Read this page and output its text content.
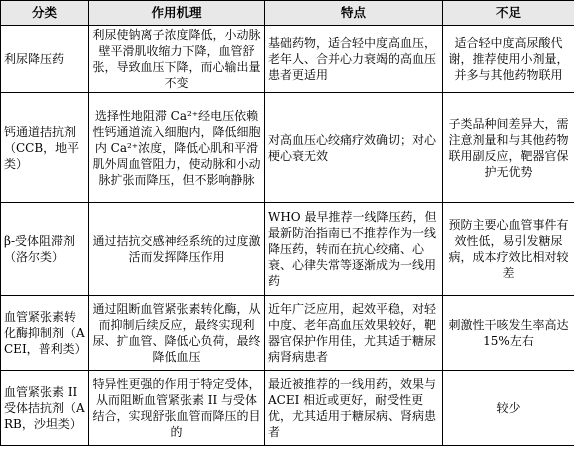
分类	作用机理	特点	不足
利尿降压药	利尿使钠离子浓度降低，小动脉壁平滑肌收缩力下降，血管舒张，导致血压下降，而心输出量不变	基础药物，适合轻中度高血压，老年人、合并心力衰竭的高血压患者更适用	适合轻中度高尿酸代谢，推荐使用小剂量，并多与其他药物联用
钙通道拮抗剂（CCB，地平类）	选择性地阻滞 Ca²⁺经电压依赖性钙通道流入细胞内，降低细胞内 Ca²⁺浓度，降低心肌和平滑肌外周血管阻力，使动脉和小动脉扩张而降压，但不影响静脉	对高血压心绞痛疗效确切；对心梗心衰无效	子类品种间差异大，需注意剂量和与其他药物联用副反应，靶器官保护无优势
β-受体阻滞剂（洛尔类）	通过拮抗交感神经系统的过度激活而发挥降压作用	WHO 最早推荐一线降压药，但最新防治指南已不推荐作为一线降压药，转而在抗心绞痛、心衰、心律失常等逐渐成为一线用药	预防主要心血管事件有效性低，易引发糖尿病，成本疗效比相对较差
血管紧张素转化酶抑制剂（ACEI，普利类）	通过阻断血管紧张素转化酶，从而抑制后续反应，最终实现利尿、扩血管、降低心负荷，最终降低血压	近年广泛应用，起效平稳，对轻中度、老年高血压效果较好，靶器官保护作用佳，尤其适于糖尿病肾病患者	刺激性干咳发生率高达 15%左右
血管紧张素 II 受体拮抗剂（ARB，沙坦类）	特异性更强的作用于特定受体，从而阻断血管紧张素 II 与受体结合，实现舒张血管而降压的目的	最近被推荐的一线用药，效果与 ACEI 相近或更好，耐受性更优，尤其适用于糖尿病、肾病患者	较少
